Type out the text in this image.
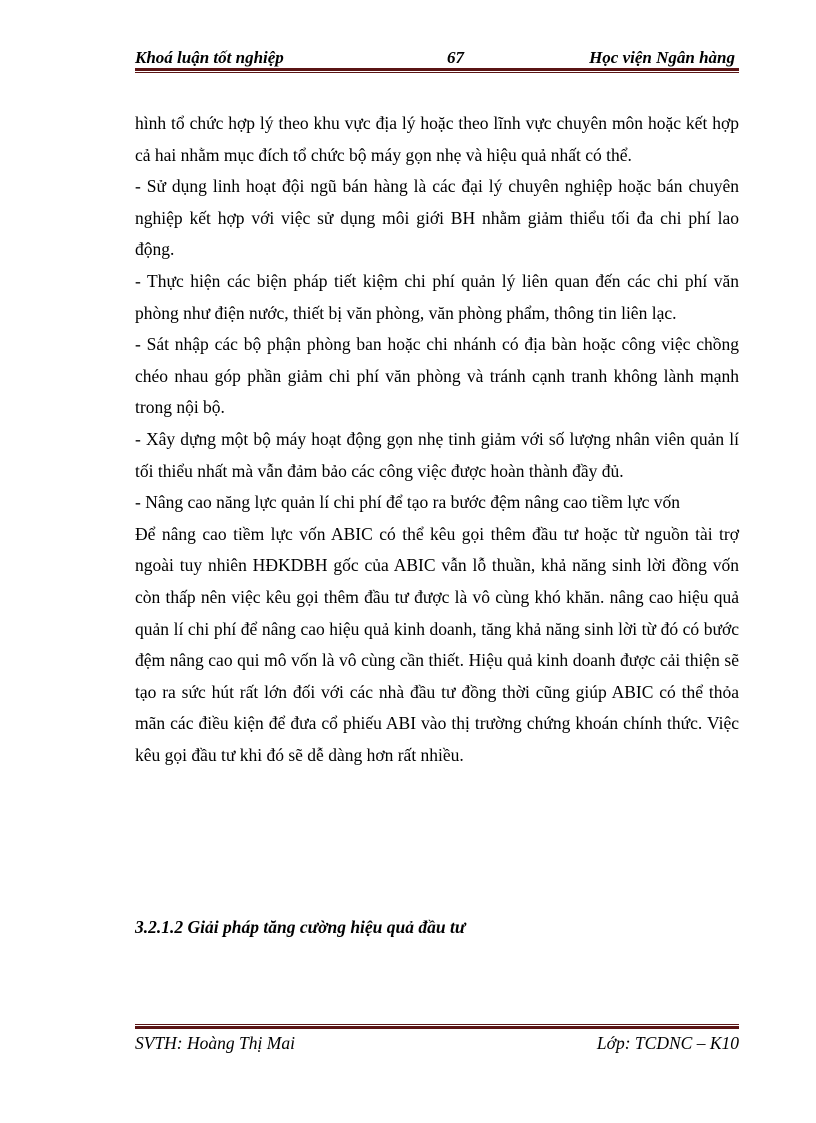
Khoá luận tốt nghiệp	67	Học viện Ngân hàng

hình tổ chức hợp lý theo khu vực địa lý hoặc theo lĩnh vực chuyên môn hoặc kết hợp cả hai nhằm mục đích tổ chức bộ máy gọn nhẹ và hiệu quả nhất có thể.

- Sử dụng linh hoạt đội ngũ bán hàng là các đại lý chuyên nghiệp hoặc bán chuyên nghiệp kết hợp với việc sử dụng môi giới BH nhằm giảm thiểu tối đa chi phí lao động.

- Thực hiện các biện pháp tiết kiệm chi phí quản lý liên quan đến các chi phí văn phòng như điện nước, thiết bị văn phòng, văn phòng phẩm, thông tin liên lạc.

- Sát nhập các bộ phận phòng ban hoặc chi nhánh có địa bàn hoặc công việc chồng chéo nhau góp phần giảm chi phí văn phòng và tránh cạnh tranh không lành mạnh trong nội bộ.

- Xây dựng một bộ máy hoạt động gọn nhẹ tinh giảm với số lượng nhân viên quản lí tối thiểu nhất mà vẫn đảm bảo các công việc được hoàn thành đầy đủ.

- Nâng cao năng lực quản lí chi phí để tạo ra bước đệm nâng cao tiềm lực vốn

Để nâng cao tiềm lực vốn ABIC có thể kêu gọi thêm đầu tư hoặc từ nguồn tài trợ ngoài tuy nhiên HĐKDBH gốc của ABIC vẫn lỗ thuần, khả năng sinh lời đồng vốn còn thấp nên việc kêu gọi thêm đầu tư được là vô cùng khó khăn. nâng cao hiệu quả quản lí chi phí để nâng cao hiệu quả kinh doanh, tăng khả năng sinh lời từ đó có bước đệm nâng cao qui mô vốn là vô cùng cần thiết. Hiệu quả kinh doanh được cải thiện sẽ tạo ra sức hút rất lớn đối với các nhà đầu tư đồng thời cũng giúp ABIC có thể thỏa mãn các điều kiện để đưa cổ phiếu ABI vào thị trường chứng khoán chính thức. Việc kêu gọi đầu tư khi đó sẽ dễ dàng hơn rất nhiều.

3.2.1.2 Giải pháp tăng cường hiệu quả đầu tư
SVTH: Hoàng Thị Mai	Lớp: TCDNC – K10
